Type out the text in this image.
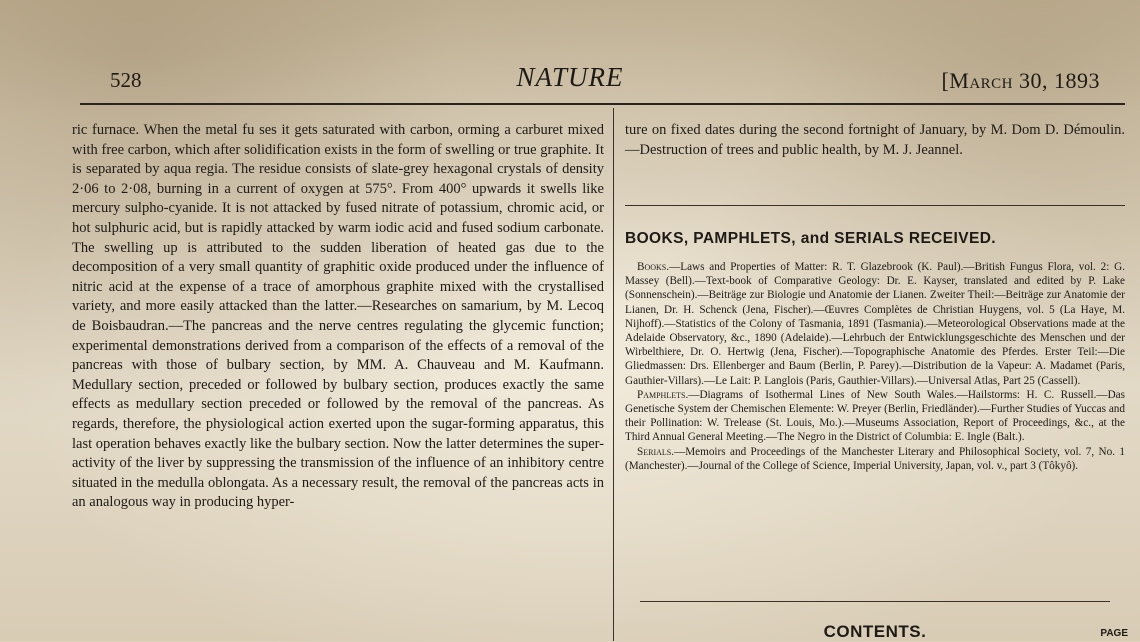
528	NATURE	[March 30, 1893

ric furnace. When the metal fu ses it gets saturated with carbon, orming a carburet mixed with free carbon, which after solidification exists in the form of swelling or true graphite. It is separated by aqua regia. The residue consists of slate-grey hexagonal crystals of density 2·06 to 2·08, burning in a current of oxygen at 575°. From 400° upwards it swells like mercury sulpho-cyanide. It is not attacked by fused nitrate of potassium, chromic acid, or hot sulphuric acid, but is rapidly attacked by warm iodic acid and fused sodium carbonate. The swelling up is attributed to the sudden liberation of heated gas due to the decomposition of a very small quantity of graphitic oxide produced under the influence of nitric acid at the expense of a trace of amorphous graphite mixed with the crystallised variety, and more easily attacked than the latter.—Researches on samarium, by M. Lecoq de Boisbaudran.—The pancreas and the nerve centres regulating the glycemic function; experimental demonstrations derived from a comparison of the effects of a removal of the pancreas with those of bulbary section, by MM. A. Chauveau and M. Kaufmann. Medullary section, preceded or followed by bulbary section, produces exactly the same effects as medullary section preceded or followed by the removal of the pancreas. As regards, therefore, the physiological action exerted upon the sugar-forming apparatus, this last operation behaves exactly like the bulbary section. Now the latter determines the super-activity of the liver by suppressing the transmission of the influence of an inhibitory centre situated in the medulla oblongata. As a necessary result, the removal of the pancreas acts in an analogous way in producing hyper-

ture on fixed dates during the second fortnight of January, by M. Dom D. Démoulin.—Destruction of trees and public health, by M. J. Jeannel.

BOOKS, PAMPHLETS, and SERIALS RECEIVED.

Books.—Laws and Properties of Matter: R. T. Glazebrook (K. Paul).—British Fungus Flora, vol. 2: G. Massey (Bell).—Text-book of Comparative Geology: Dr. E. Kayser, translated and edited by P. Lake (Sonnenschein).—Beiträge zur Biologie und Anatomie der Lianen. Zweiter Theil:—Beiträge zur Anatomie der Lianen, Dr. H. Schenck (Jena, Fischer).—Œuvres Complètes de Christian Huygens, vol. 5 (La Haye, M. Nijhoff).—Statistics of the Colony of Tasmania, 1891 (Tasmania).—Meteorological Observations made at the Adelaide Observatory, &c., 1890 (Adelaide).—Lehrbuch der Entwicklungsgeschichte des Menschen und der Wirbelthiere, Dr. O. Hertwig (Jena, Fischer).—Topographische Anatomie des Pferdes. Erster Teil:—Die Gliedmassen: Drs. Ellenberger and Baum (Berlin, P. Parey).—Distribution de la Vapeur: A. Madamet (Paris, Gauthier-Villars).—Le Lait: P. Langlois (Paris, Gauthier-Villars).—Universal Atlas, Part 25 (Cassell).

Pamphlets.—Diagrams of Isothermal Lines of New South Wales.—Hailstorms: H. C. Russell.—Das Genetische System der Chemischen Elemente: W. Preyer (Berlin, Friedländer).—Further Studies of Yuccas and their Pollination: W. Trelease (St. Louis, Mo.).—Museums Association, Report of Proceedings, &c., at the Third Annual General Meeting.—The Negro in the District of Columbia: E. Ingle (Balt.).

Serials.—Memoirs and Proceedings of the Manchester Literary and Philosophical Society, vol. 7, No. 1 (Manchester).—Journal of the College of Science, Imperial University, Japan, vol. v., part 3 (Tôkyô).

CONTENTS.	PAGE
